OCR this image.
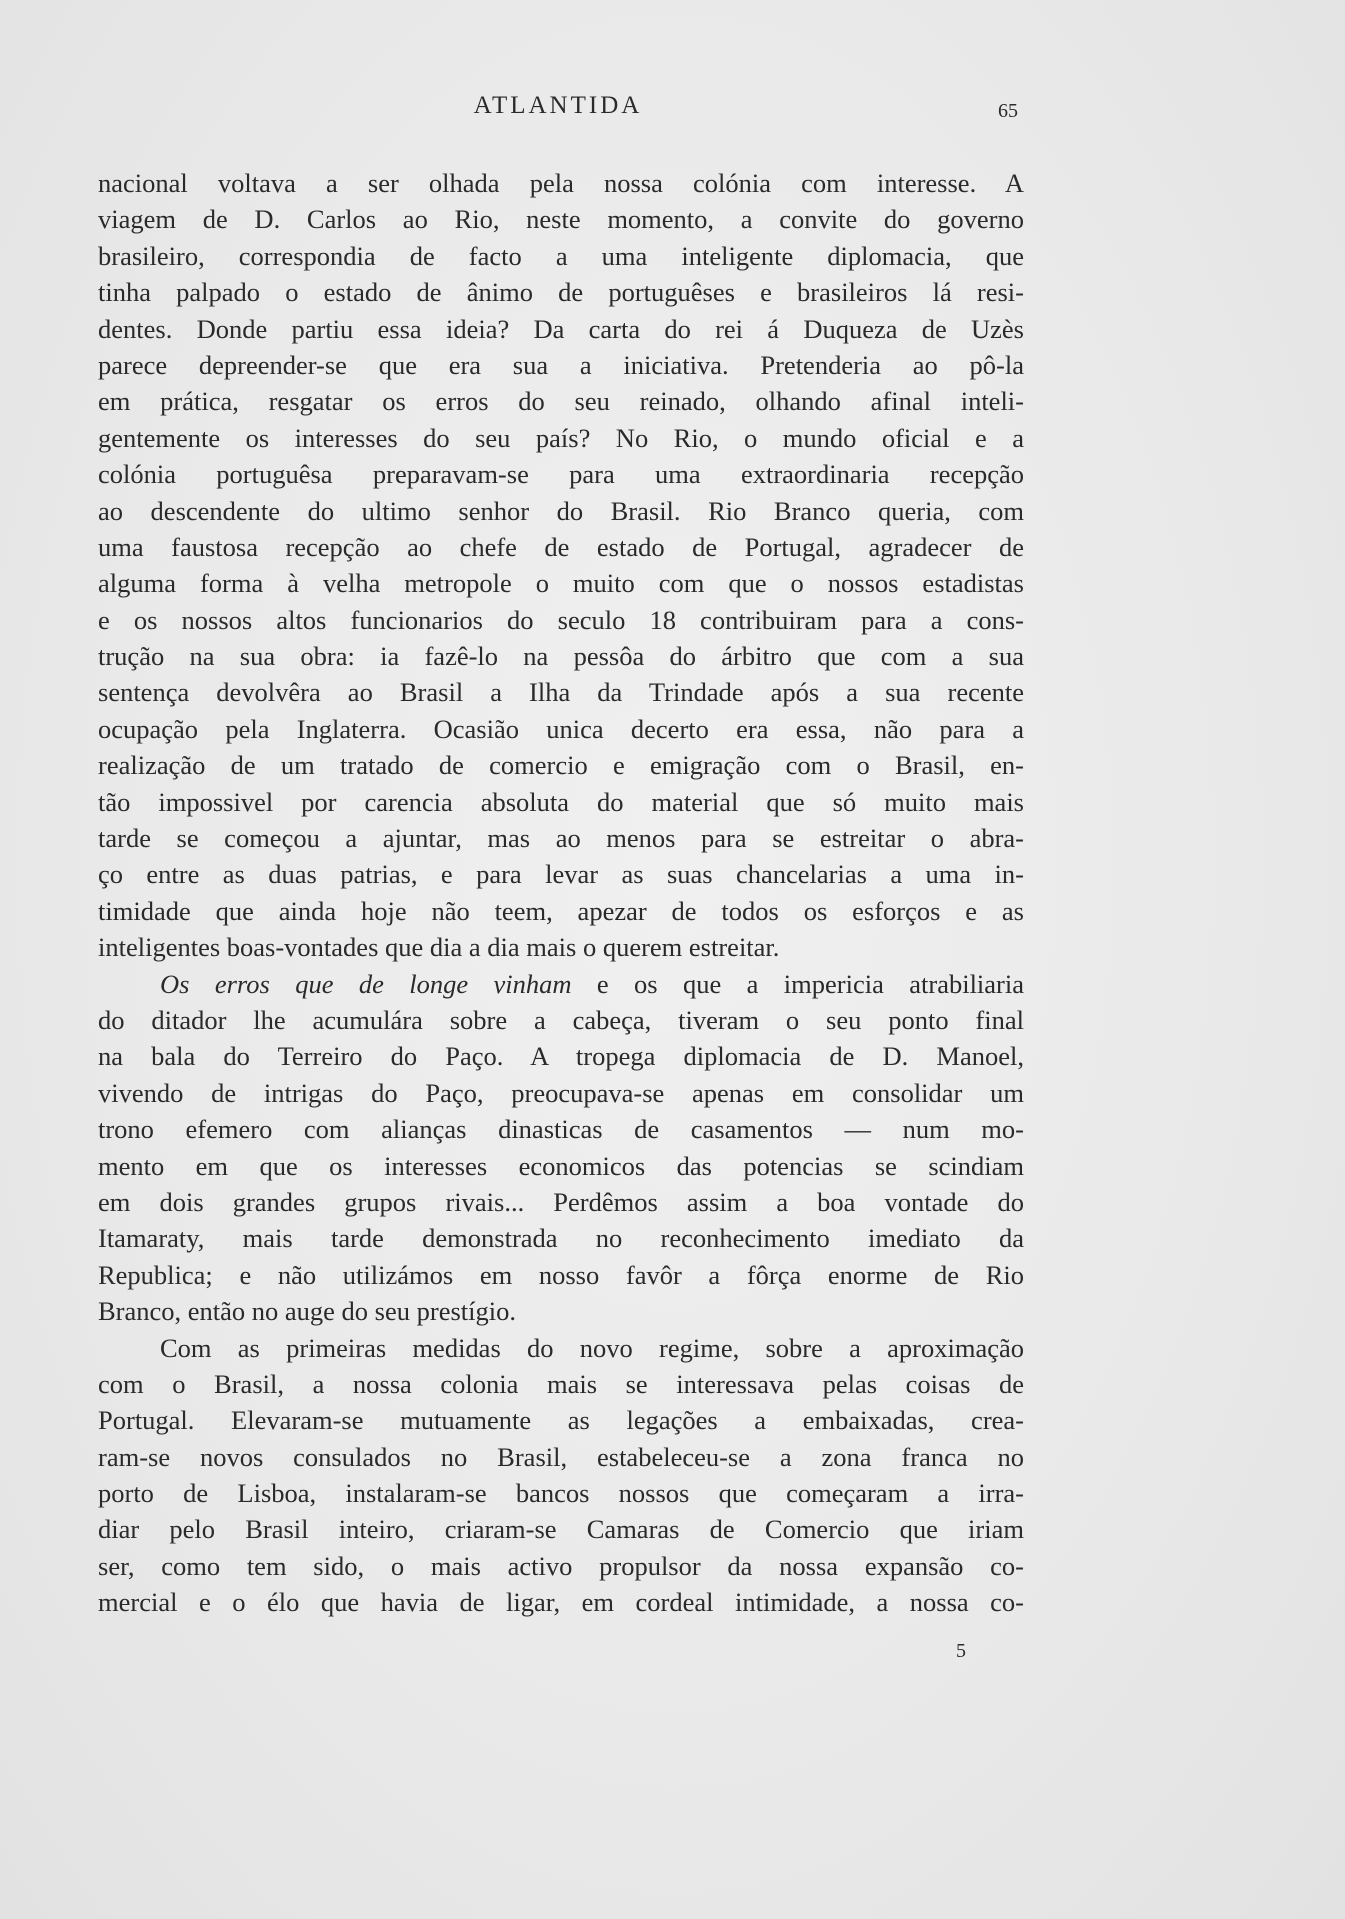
ATLANTIDA	65
nacional voltava a ser olhada pela nossa colónia com interesse. A
viagem de D. Carlos ao Rio, neste momento, a convite do governo
brasileiro, correspondia de facto a uma inteligente diplomacia, que
tinha palpado o estado de ânimo de portuguêses e brasileiros lá resi-
dentes. Donde partiu essa ideia? Da carta do rei á Duqueza de Uzès
parece depreender-se que era sua a iniciativa. Pretenderia ao pô-la
em prática, resgatar os erros do seu reinado, olhando afinal inteli-
gentemente os interesses do seu país? No Rio, o mundo oficial e a
colónia portuguêsa preparavam-se para uma extraordinaria recepção
ao descendente do ultimo senhor do Brasil. Rio Branco queria, com
uma faustosa recepção ao chefe de estado de Portugal, agradecer de
alguma forma à velha metropole o muito com que o nossos estadistas
e os nossos altos funcionarios do seculo 18 contribuiram para a cons-
trução na sua obra: ia fazê-lo na pessôa do árbitro que com a sua
sentença devolvêra ao Brasil a Ilha da Trindade após a sua recente
ocupação pela Inglaterra. Ocasião unica decerto era essa, não para a
realização de um tratado de comercio e emigração com o Brasil, en-
tão impossivel por carencia absoluta do material que só muito mais
tarde se começou a ajuntar, mas ao menos para se estreitar o abra-
ço entre as duas patrias, e para levar as suas chancelarias a uma in-
timidade que ainda hoje não teem, apezar de todos os esforços e as
inteligentes boas-vontades que dia a dia mais o querem estreitar.
Os erros que de longe vinham e os que a impericia atrabiliaria
do ditador lhe acumulára sobre a cabeça, tiveram o seu ponto final
na bala do Terreiro do Paço. A tropega diplomacia de D. Manoel,
vivendo de intrigas do Paço, preocupava-se apenas em consolidar um
trono efemero com alianças dinasticas de casamentos — num mo-
mento em que os interesses economicos das potencias se scindiam
em dois grandes grupos rivais... Perdêmos assim a boa vontade do
Itamaraty, mais tarde demonstrada no reconhecimento imediato da
Republica; e não utilizámos em nosso favôr a fôrça enorme de Rio
Branco, então no auge do seu prestígio.
Com as primeiras medidas do novo regime, sobre a aproximação
com o Brasil, a nossa colonia mais se interessava pelas coisas de
Portugal. Elevaram-se mutuamente as legações a embaixadas, crea-
ram-se novos consulados no Brasil, estabeleceu-se a zona franca no
porto de Lisboa, instalaram-se bancos nossos que começaram a irra-
diar pelo Brasil inteiro, criaram-se Camaras de Comercio que iriam
ser, como tem sido, o mais activo propulsor da nossa expansão co-
mercial e o élo que havia de ligar, em cordeal intimidade, a nossa co-
5
